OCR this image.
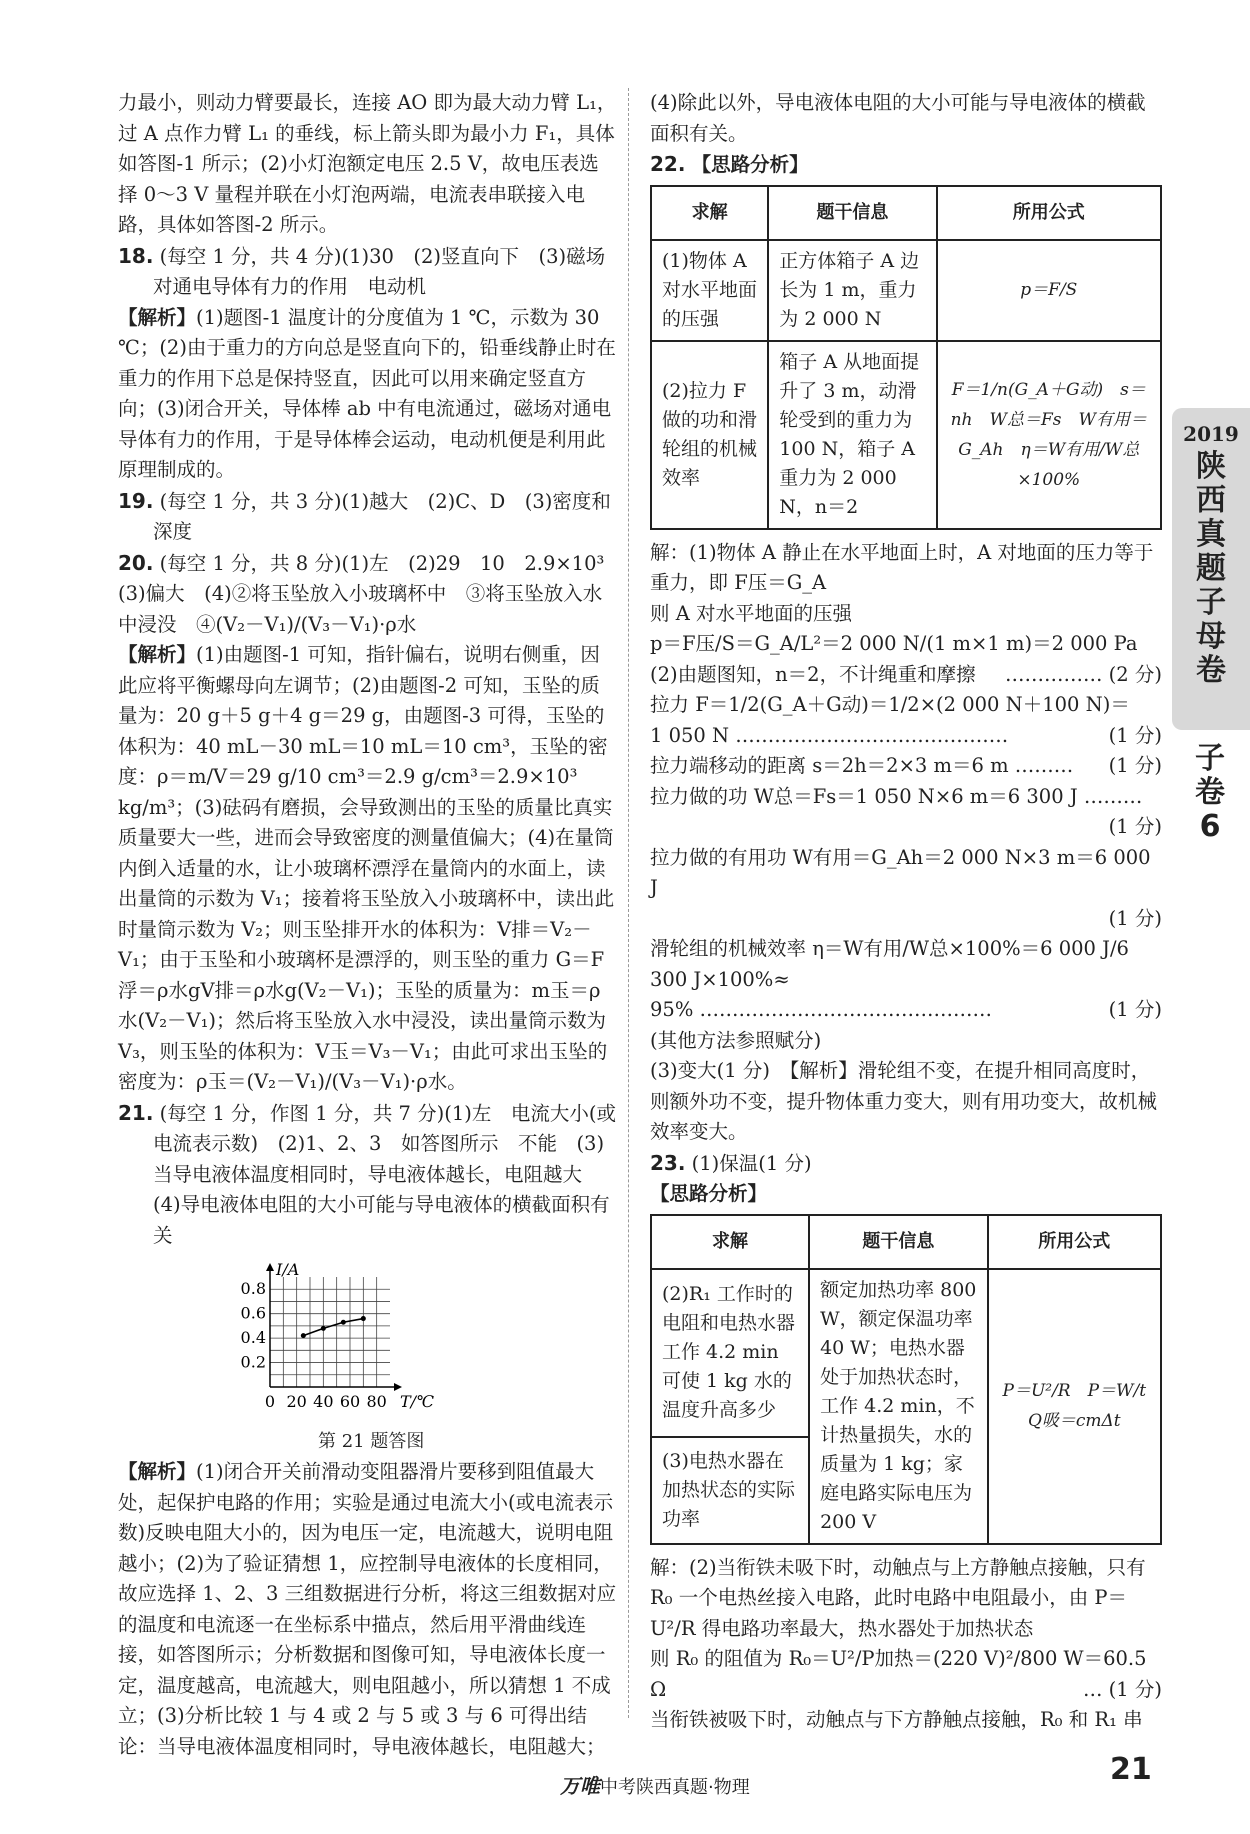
力最小，则动力臂要最长，连接 AO 即为最大动力臂 L₁，过 A 点作力臂 L₁ 的垂线，标上箭头即为最小力 F₁，具体如答图-1 所示；(2)小灯泡额定电压 2.5 V，故电压表选择 0～3 V 量程并联在小灯泡两端，电流表串联接入电路，具体如答图-2 所示。

18. (每空 1 分，共 4 分)(1)30　(2)竖直向下　(3)磁场对通电导体有力的作用　电动机

【解析】(1)题图-1 温度计的分度值为 1 ℃，示数为 30 ℃；(2)由于重力的方向总是竖直向下的，铅垂线静止时在重力的作用下总是保持竖直，因此可以用来确定竖直方向；(3)闭合开关，导体棒 ab 中有电流通过，磁场对通电导体有力的作用，于是导体棒会运动，电动机便是利用此原理制成的。

19. (每空 1 分，共 3 分)(1)越大　(2)C、D　(3)密度和深度

20. (每空 1 分，共 8 分)(1)左　(2)29　10　2.9×10³

(3)偏大　(4)②将玉坠放入小玻璃杯中　③将玉坠放入水中浸没　④(V₂－V₁)/(V₃－V₁)·ρ水

【解析】(1)由题图-1 可知，指针偏右，说明右侧重，因此应将平衡螺母向左调节；(2)由题图-2 可知，玉坠的质量为：20 g＋5 g＋4 g＝29 g，由题图-3 可得，玉坠的体积为：40 mL－30 mL＝10 mL＝10 cm³，玉坠的密度：ρ＝m/V＝29 g/10 cm³＝2.9 g/cm³＝2.9×10³ kg/m³；(3)砝码有磨损，会导致测出的玉坠的质量比真实质量要大一些，进而会导致密度的测量值偏大；(4)在量筒内倒入适量的水，让小玻璃杯漂浮在量筒内的水面上，读出量筒的示数为 V₁；接着将玉坠放入小玻璃杯中，读出此时量筒示数为 V₂；则玉坠排开水的体积为：V排＝V₂－V₁；由于玉坠和小玻璃杯是漂浮的，则玉坠的重力 G＝F浮＝ρ水gV排＝ρ水g(V₂－V₁)；玉坠的质量为：m玉＝ρ水(V₂－V₁)；然后将玉坠放入水中浸没，读出量筒示数为 V₃，则玉坠的体积为：V玉＝V₃－V₁；由此可求出玉坠的密度为：ρ玉＝(V₂－V₁)/(V₃－V₁)·ρ水。

21. (每空 1 分，作图 1 分，共 7 分)(1)左　电流大小(或电流表示数)　(2)1、2、3　如答图所示　不能　(3)当导电液体温度相同时，导电液体越长，电阻越大　(4)导电液体电阻的大小可能与导电液体的横截面积有关

0 20 40 60 80
0.2
0.4
0.6
0.8
T/℃
I/A

第 21 题答图

【解析】(1)闭合开关前滑动变阻器滑片要移到阻值最大处，起保护电路的作用；实验是通过电流大小(或电流表示数)反映电阻大小的，因为电压一定，电流越大，说明电阻越小；(2)为了验证猜想 1，应控制导电液体的长度相同，故应选择 1、2、3 三组数据进行分析，将这三组数据对应的温度和电流逐一在坐标系中描点，然后用平滑曲线连接，如答图所示；分析数据和图像可知，导电液体长度一定，温度越高，电流越大，则电阻越小，所以猜想 1 不成立；(3)分析比较 1 与 4 或 2 与 5 或 3 与 6 可得出结论：当导电液体温度相同时，导电液体越长，电阻越大；

(4)除此以外，导电液体电阻的大小可能与导电液体的横截面积有关。

22. 【思路分析】

求解	题干信息	所用公式
(1)物体 A 对水平地面的压强	正方体箱子 A 边长为 1 m，重力为 2 000 N	p＝F/S
(2)拉力 F 做的功和滑轮组的机械效率	箱子 A 从地面提升了 3 m，动滑轮受到的重力为 100 N，箱子 A 重力为 2 000 N，n＝2	F＝1/n(G_A＋G动)　s＝nh　W总＝Fs　W有用＝G_Ah　η＝W有用/W总×100%

解：(1)物体 A 静止在水平地面上时，A 对地面的压力等于重力，即 F压＝G_A

则 A 对水平地面的压强

p＝F压/S＝G_A/L²＝2 000 N/(1 m×1 m)＝2 000 Pa
…………… (2 分)

(2)由题图知，n＝2，不计绳重和摩擦

拉力 F＝1/2(G_A＋G动)＝1/2×(2 000 N＋100 N)＝

1 050 N ……………………………………	(1 分)

拉力端移动的距离 s＝2h＝2×3 m＝6 m ……… (1 分)

拉力做的功 W总＝Fs＝1 050 N×6 m＝6 300 J ………

(1 分)

拉力做的有用功 W有用＝G_Ah＝2 000 N×3 m＝6 000 J

(1 分)

滑轮组的机械效率 η＝W有用/W总×100%＝6 000 J/6 300 J×100%≈

95% ………………………………………	(1 分)

(其他方法参照赋分)

(3)变大(1 分)　【解析】滑轮组不变，在提升相同高度时，则额外功不变，提升物体重力变大，则有用功变大，故机械效率变大。

23. (1)保温(1 分)

【思路分析】

求解	题干信息	所用公式
(2)R₁ 工作时的电阻和电热水器工作 4.2 min 可使 1 kg 水的温度升高多少	额定加热功率 800 W，额定保温功率 40 W；电热水器处于加热状态时，工作 4.2 min，不计热量损失，水的质量为 1 kg；家庭电路实际电压为 200 V	P＝U²/R　P＝W/t　Q吸＝cmΔt
(3)电热水器在加热状态的实际功率		

解：(2)当衔铁未吸下时，动触点与上方静触点接触，只有 R₀ 一个电热丝接入电路，此时电路中电阻最小，由 P＝U²/R 得电路功率最大，热水器处于加热状态

则 R₀ 的阻值为 R₀＝U²/P加热＝(220 V)²/800 W＝60.5 Ω	… (1 分)

当衔铁被吸下时，动触点与下方静触点接触，R₀ 和 R₁ 串

2019
陕西真题子母卷
子卷
6
万唯中考陕西真题·物理
21
